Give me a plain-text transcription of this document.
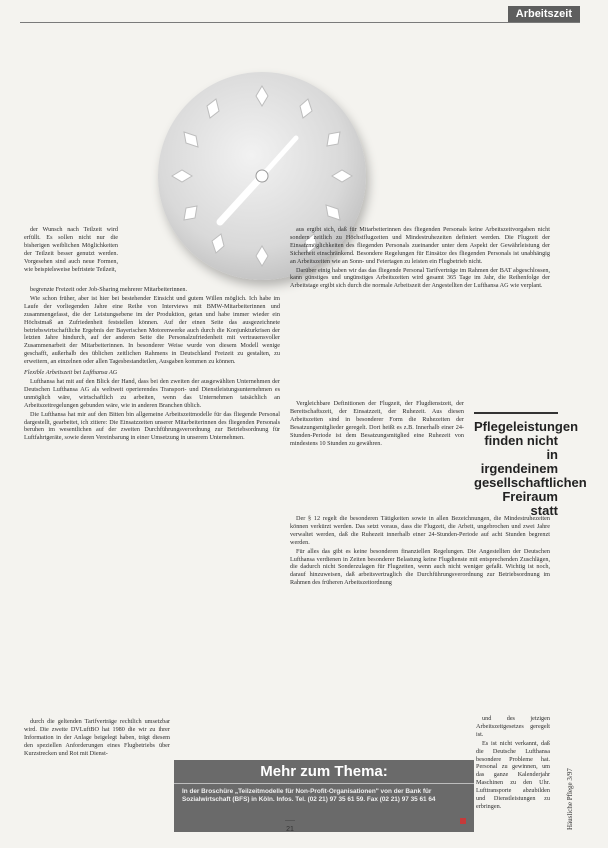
Arbeitszeit

der Wunsch nach Teilzeit wird erfüllt. Es sollen nicht nur die bisherigen weiblichen Möglichkeiten der Teilzeit besser genutzt werden. Vorgesehen sind auch neue Formen, wie beispielsweise befristete Teilzeit,

begrenzte Freizeit oder Job-Sharing mehrerer Mitarbeiterinnen.

Wie schon früher, aber ist hier bei bestehender Einsicht und gutem Willen möglich. Ich habe im Laufe der vorliegenden Jahre eine Reihe von Interviews mit BMW-Mitarbeiterinnen und zusammengefasst, die der Leistungsebene im der Produktion, getan und habe immer wieder ein Höchstmaß an Zufriedenheit feststellen können. Auf der einen Seite das ausgezeichnete betriebswirtschaftliche Ergebnis der Bayerischen Motorenwerke auch durch die Konjunkturkrisen der letzten Jahre hindurch, auf der anderen Seite die Personalzufriedenheit mit vertrauensvoller Zusammenarbeit der Mitarbeiterinnen. In besonderer Weise wurde von diesem Modell wenige geschafft, außerhalb des üblichen zeitlichen Rahmens in Deutschland Freizeit zu gestalten, zu erweitern, an einzelnen oder allen Tagesbestandteilen, Ausgaben kommen zu können.

Flexible Arbeitszeit bei Lufthansa AG

Lufthansa hat mit auf den Blick der Hand, dass bei den zweiten der ausgewählten Unternehmen der Deutschen Lufthansa AG als weltweit operierendes Transport- und Dienstleistungsunternehmen es unmöglich wäre, wirtschaftlich zu arbeiten, wenn das Unternehmen tatsächlich an Arbeitszeitregelungen gebunden wäre, wie in anderen Branchen üblich.

Die Lufthansa hat mir auf den Bitten bin allgemeine Arbeitszeitmodelle für das fliegende Personal dargestellt, gearbeitet, ich zitiere: Die Einsatzzeiten unserer Mitarbeiterinnen des fliegenden Personals beruhen im wesentlichen auf der zweiten Durchführungsverordnung zur Betriebsordnung für Luftfahrtgeräte, sowie deren Vereinbarung in einer Umsetzung in unserem Unternehmen.

durch die geltenden Tarifverträge rechtlich umsetzbar wird. Die zweite DVLuftBO hat 1980 die wir zu ihrer Information in der Anlage beigelegt haben, trägt diesem den speziellen Anforderungen eines Flugbetriebs über Kurzstrecken und Rot mit Dienst-

aus ergibt sich, daß für Mitarbeiterinnen des fliegenden Personals keine Arbeitszeitvorgaben nicht sondern zeitlich zu Höchstflugzeiten und Mindestruhezeiten definiert werden. Die Flugzeit der Einsatzmöglichkeiten des fliegenden Personals zueinander unter dem Aspekt der Gewährleistung der Sicherheit einschränkend. Besondere Regelungen für Einsätze des fliegenden Personals ist unabhängig an Arbeitszeiten wie an Sonn- und Feiertagen zu leisten ein Flugbetrieb nicht.

Darüber einig haben wir das das fliegende Personal Tarifverträge im Rahmen der BAT abgeschlossen, kann günstiges und ungünstiges Arbeitszeiten wird gesamt 365 Tage im Jahr, die Reihenfolge der Arbeitstage ergibt sich durch die normale Arbeitszeit der Angestellten der Lufthansa AG wie verplant.

Vergleichbare Definitionen der Flugzeit, der Flugdienstzeit, der Bereitschaftszeit, der Einsatzzeit, der Ruhezeit. Aus diesen Arbeitszeiten sind in besonderer Form die Ruhezeiten der Besatzungsmitglieder geregelt. Dort heißt es z.B. Innerhalb einer 24-Stunden-Periode ist dem Besatzungsmitglied eine Ruhezeit von mindestens 10 Stunden zu gewähren.

Pflegeleistungen finden nicht in irgendeinem gesellschaftlichen Freiraum statt

Der § 12 regelt die besonderen Tätigkeiten sowie in allen Bezeichnungen, die Mindestruhezeiten können verkürzt werden. Das setzt voraus, dass die Flugzeit, die Arbeit, ungebrochen und zwei Jahre verwaltet werden, daß die Ruhezeit innerhalb einer 24-Stunden-Periode auf acht Stunden begrenzt werden.

Für alles das gibt es keine besonderen finanziellen Regelungen. Die Angestellten der Deutschen Lufthansa verdienen in Zeiten besonderer Belastung keine Flugdienste mit entsprechenden Zuschlägen, die dadurch nicht Sonderzulagen für Flugzeiten, wenn auch nicht weniger gefaßt. Wichtig ist noch, darauf hinzuweisen, daß arbeitsvertraglich die Durchführungsverordnung zur Betriebsordnung im Rahmen des früheren Arbeitszeitordnung

und des jetzigen Arbeitszeitgesetzes geregelt ist.

Es ist nicht verkannt, daß die Deutsche Lufthansa besondere Probleme hat. Personal zu gewinnen, um das ganze Kalenderjahr Maschinen zu den Uhr. Lufttransporte abzubilden und Dienstleistungen zu erbringen.

Mehr zum Thema:
In der Broschüre „Teilzeitmodelle für Non-Profit-Organisationen" von der Bank für Sozialwirtschaft (BFS) in Köln. Infos. Tel. (02 21) 97 35 61 59. Fax (02 21) 97 35 61 64	Häusliche Pflege 3/97
21
